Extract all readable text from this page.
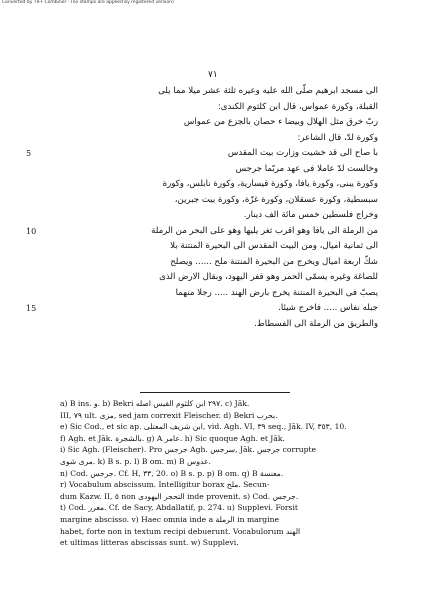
Converted by TIFF Combiner - (no stamps are applied by registered version)
٧١
الى مسجد ابرهيم صلّى الله عليه وعيره ثلثة عشر ميلا مما يلى
القبلة، وكورة عمواس، قال ابن كلثوم الكندى:
ربّ خرق مثل الهلال وبيضا ء حصان بالجزع من عمواس
وكورة لدّ، قال الشاعر:
با صاح الى قد خشيت وزارت بيت المقدس
5
وخالست لدّ عاملا فى عهد مربّما جرجس
وكورة يبنى، وكورة يافا، وكورة قيسارية، وكورة نابلس، وكورة
سبسطية، وكورة عسقلان، وكورة غزّة، وكورة بيت جبرين،
وخراج فلسطين خمس مائة الف دينار.
من الرملة الى يافا وهو اقرب ثغر يليها وهو على البحر من الرملة
10
الى ثمانية اميال، ومن البيت المقدس الى البحيرة المنتنة بلا
شكّ اربعة اميال ويخرج من البحيرة المنتنة ملح ...... ويصلح
للصاغة وغيره يسمّى الحمر وهو قفر اليهود، وبقال الارض الذى
يصبّ فى البحيرة المنتنة يخرج بارض الهند ..... رجلا منهما
جبله نفاس ..... فاخرج شيئا.
15
والطريق من الرملة الى الفسطاط.
a) B ins. و. b) Bekri ٢٩٧ ابن كلثوم القيس اصله. c) Jāk.
III, ٧٩ ult. مزى, sed jam correxit Fleischer. d) Bekri بحرب.
e) Sic Cod., et sic ap. ابن شريف المعتلى, vid. Agh. VI, ٣٩ seq., Jāk. IV, ٣٥٣, 10.
f) Agh. et Jāk. بالشجرة. g) A عامر. h) Sic quoque Agh. et Jāk.
i) Sic Agh. (Fleischer). Pro جرجس Agh. سرجس, Jāk. جرجس corrupte
مرى شوى. k) B s. p. l) B om. m) B عدوس.
n) Cod. جرجس. Cf. H, ٣٣, 20. o) B s. p. p) B om. q) B معنسة.
r) Vocabulum abscissum. Intelligitur borax ملح. Secun-
dum Kazw. II, ٥ non التحجر اليهودى inde provenit. s) Cod. جرجس.
t) Cod. معرر. Cf. de Sacy, Abdallatif, p. 274. u) Supplevi. Forsit
margine abscisso. v) Haec omnia inde a الرملة in margine
habet, forte non in textum recipi debuerunt. Vocabulorum الهند
et ultimas litteras abscissas sunt. w) Supplevi.
